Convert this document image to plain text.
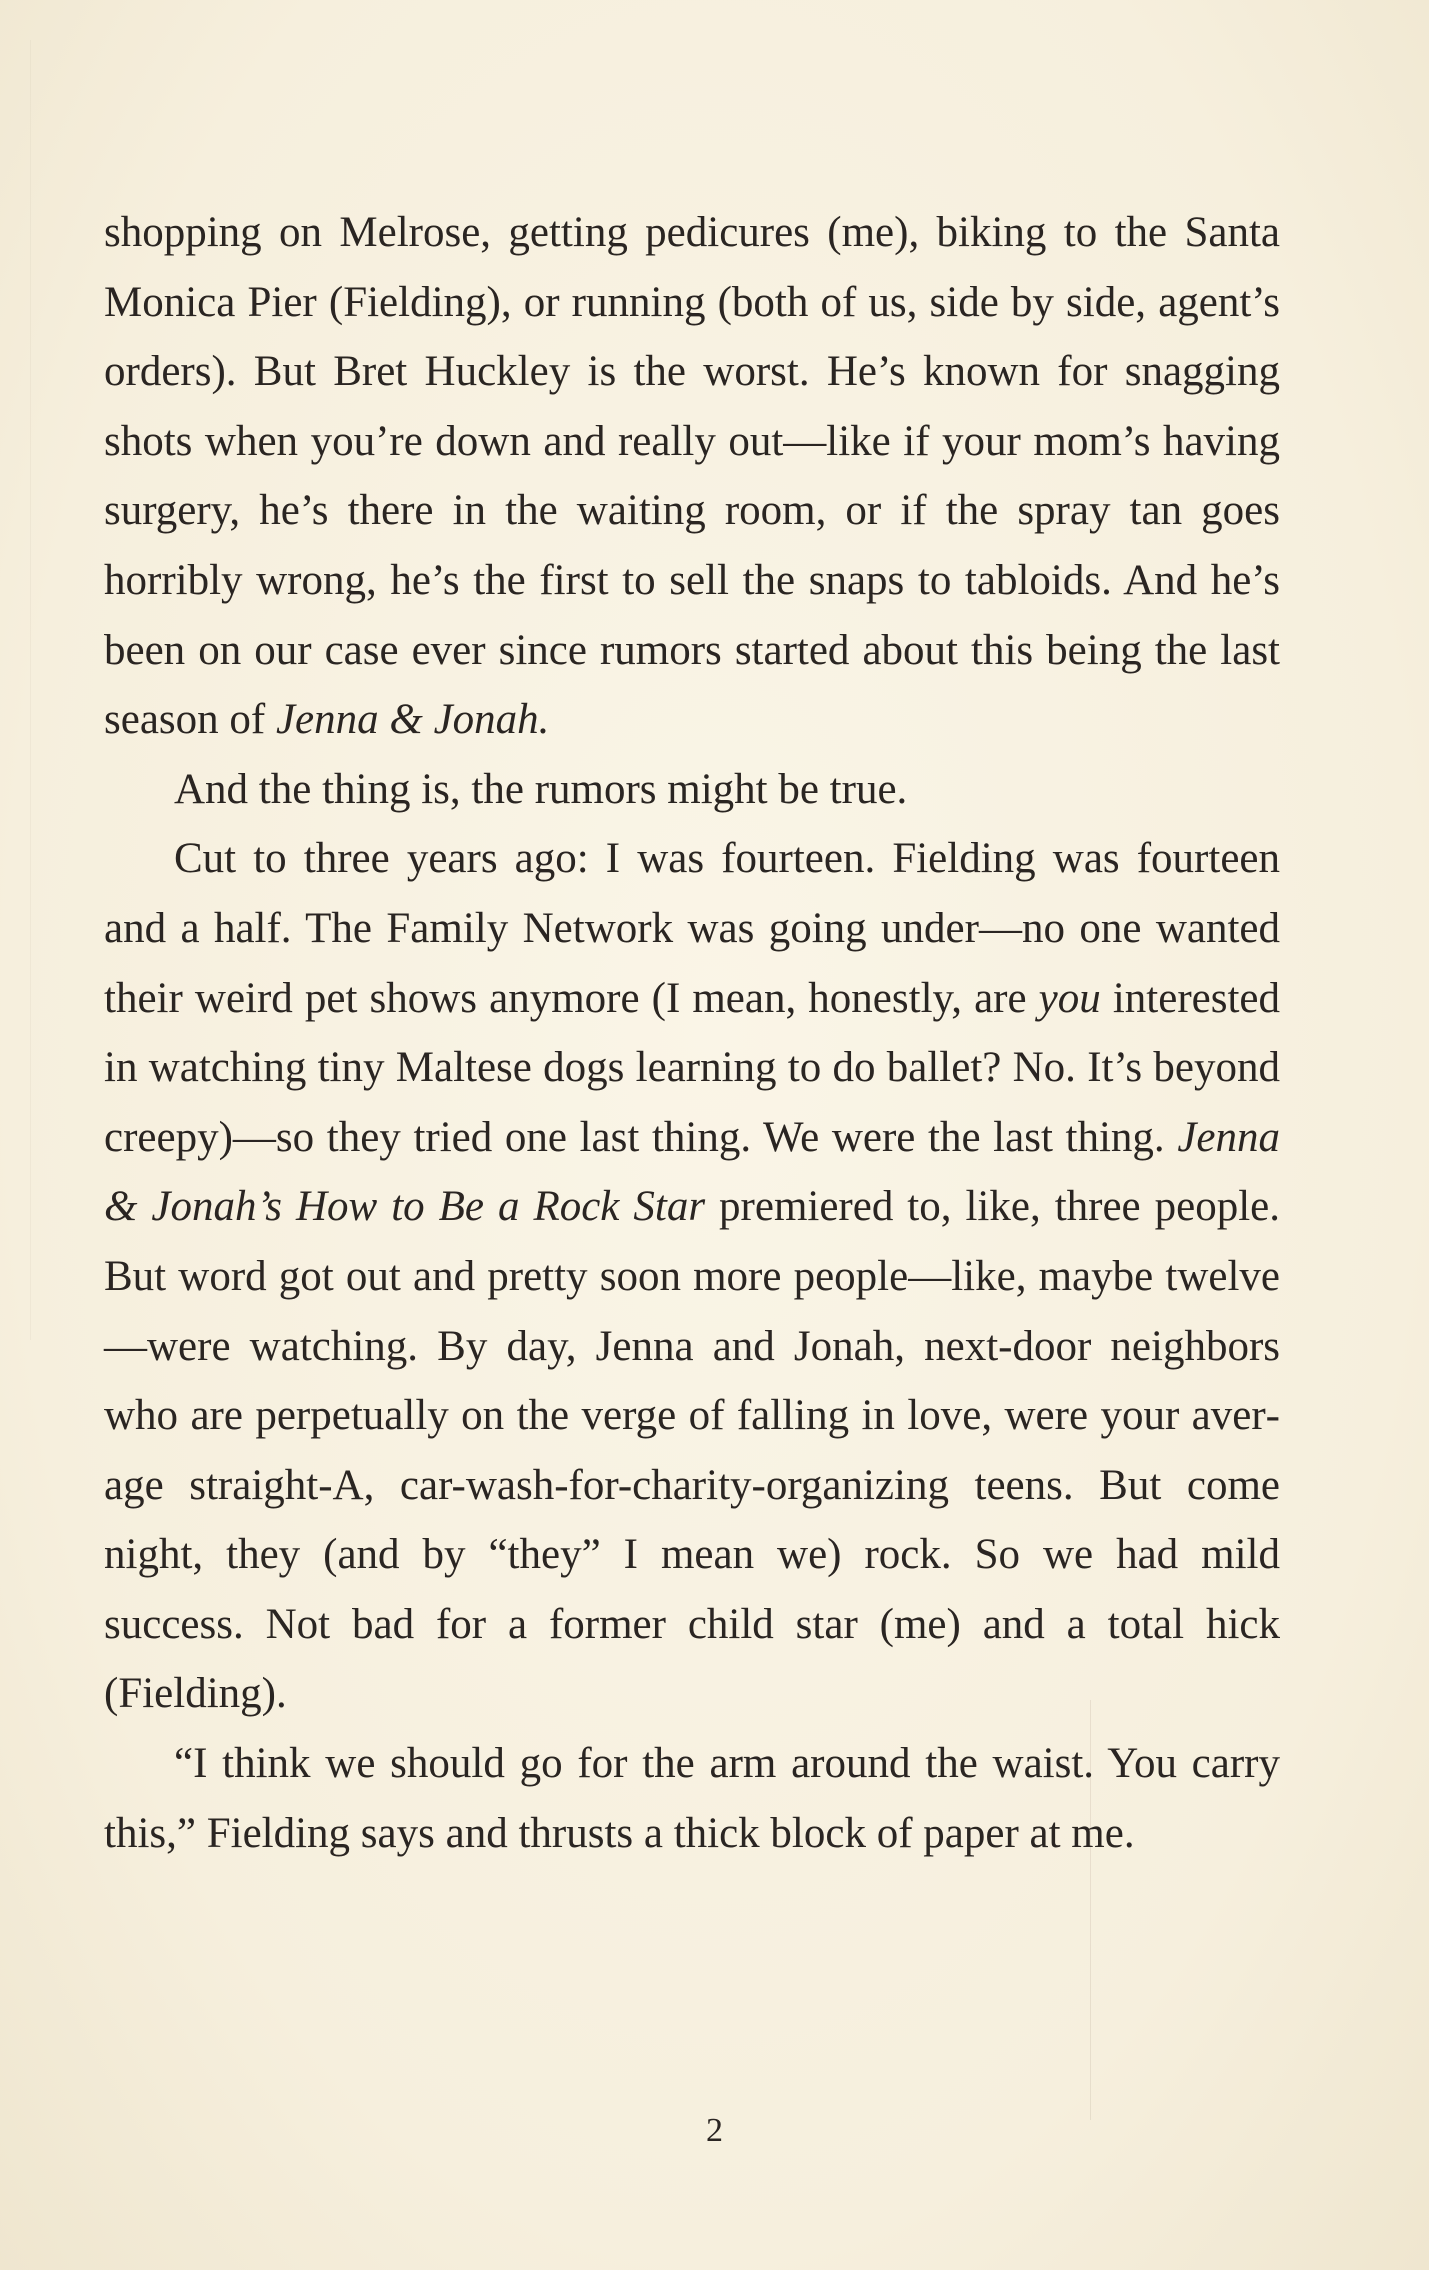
shopping on Melrose, getting pedicures (me), biking to the Santa Monica Pier (Fielding), or running (both of us, side by side, agent’s orders). But Bret Huckley is the worst. He’s known for snagging shots when you’re down and really out—like if your mom’s having surgery, he’s there in the waiting room, or if the spray tan goes horribly wrong, he’s the first to sell the snaps to tabloids. And he’s been on our case ever since rumors started about this being the last season of Jenna & Jonah.

And the thing is, the rumors might be true.

Cut to three years ago: I was fourteen. Fielding was fourteen and a half. The Family Network was going under—no one wanted their weird pet shows anymore (I mean, honestly, are you interested in watching tiny Maltese dogs learning to do ballet? No. It’s beyond creepy)—so they tried one last thing. We were the last thing. Jenna & Jonah’s How to Be a Rock Star premiered to, like, three people. But word got out and pretty soon more people—like, maybe twelve—were watching. By day, Jenna and Jonah, next-door neighbors who are perpetually on the verge of falling in love, were your average straight-A, car-wash-for-charity-organizing teens. But come night, they (and by “they” I mean we) rock. So we had mild success. Not bad for a former child star (me) and a total hick (Fielding).

“I think we should go for the arm around the waist. You carry this,” Fielding says and thrusts a thick block of paper at me.

2
